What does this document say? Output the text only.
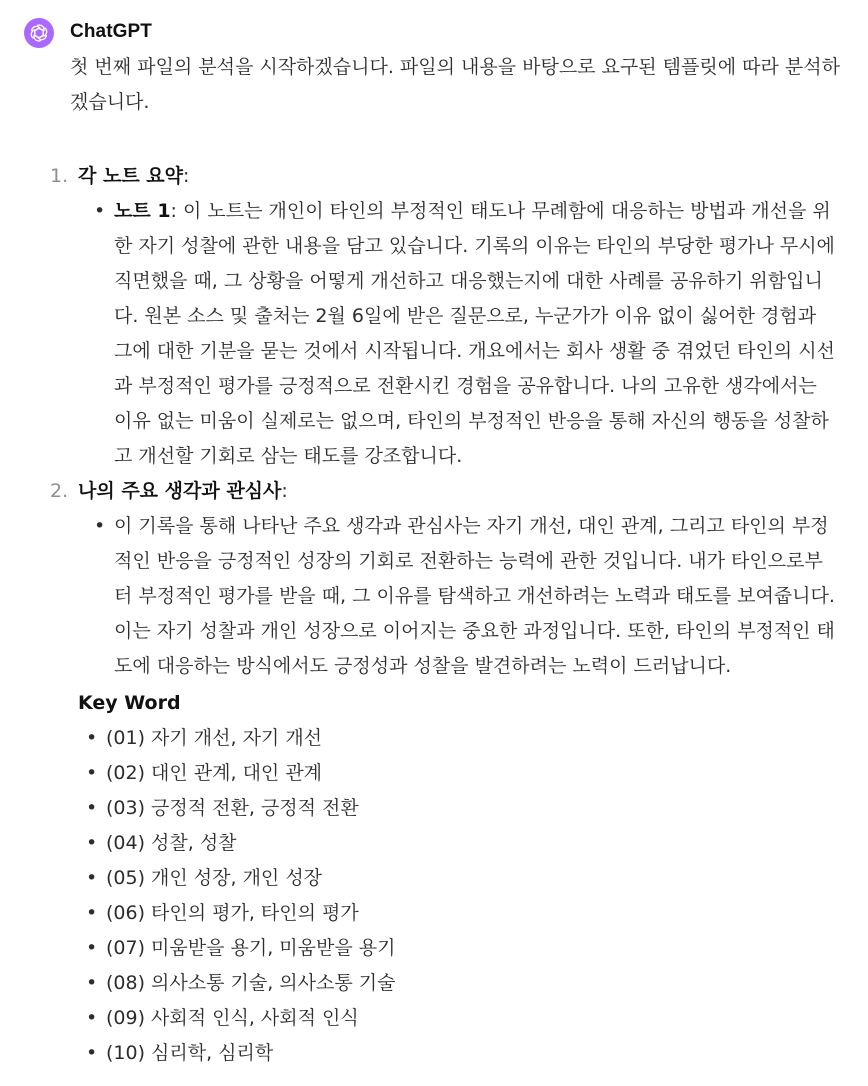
ChatGPT

첫 번째 파일의 분석을 시작하겠습니다. 파일의 내용을 바탕으로 요구된 템플릿에 따라 분석하겠습니다.

1. 각 노트 요약:
• 노트 1: 이 노트는 개인이 타인의 부정적인 태도나 무례함에 대응하는 방법과 개선을 위한 자기 성찰에 관한 내용을 담고 있습니다. 기록의 이유는 타인의 부당한 평가나 무시에 직면했을 때, 그 상황을 어떻게 개선하고 대응했는지에 대한 사례를 공유하기 위함입니다. 원본 소스 및 출처는 2월 6일에 받은 질문으로, 누군가가 이유 없이 싫어한 경험과 그에 대한 기분을 묻는 것에서 시작됩니다. 개요에서는 회사 생활 중 겪었던 타인의 시선과 부정적인 평가를 긍정적으로 전환시킨 경험을 공유합니다. 나의 고유한 생각에서는 이유 없는 미움이 실제로는 없으며, 타인의 부정적인 반응을 통해 자신의 행동을 성찰하고 개선할 기회로 삼는 태도를 강조합니다.
2. 나의 주요 생각과 관심사:
• 이 기록을 통해 나타난 주요 생각과 관심사는 자기 개선, 대인 관계, 그리고 타인의 부정적인 반응을 긍정적인 성장의 기회로 전환하는 능력에 관한 것입니다. 내가 타인으로부터 부정적인 평가를 받을 때, 그 이유를 탐색하고 개선하려는 노력과 태도를 보여줍니다. 이는 자기 성찰과 개인 성장으로 이어지는 중요한 과정입니다. 또한, 타인의 부정적인 태도에 대응하는 방식에서도 긍정성과 성찰을 발견하려는 노력이 드러납니다.
Key Word
• (01) 자기 개선, 자기 개선
• (02) 대인 관계, 대인 관계
• (03) 긍정적 전환, 긍정적 전환
• (04) 성찰, 성찰
• (05) 개인 성장, 개인 성장
• (06) 타인의 평가, 타인의 평가
• (07) 미움받을 용기, 미움받을 용기
• (08) 의사소통 기술, 의사소통 기술
• (09) 사회적 인식, 사회적 인식
• (10) 심리학, 심리학
